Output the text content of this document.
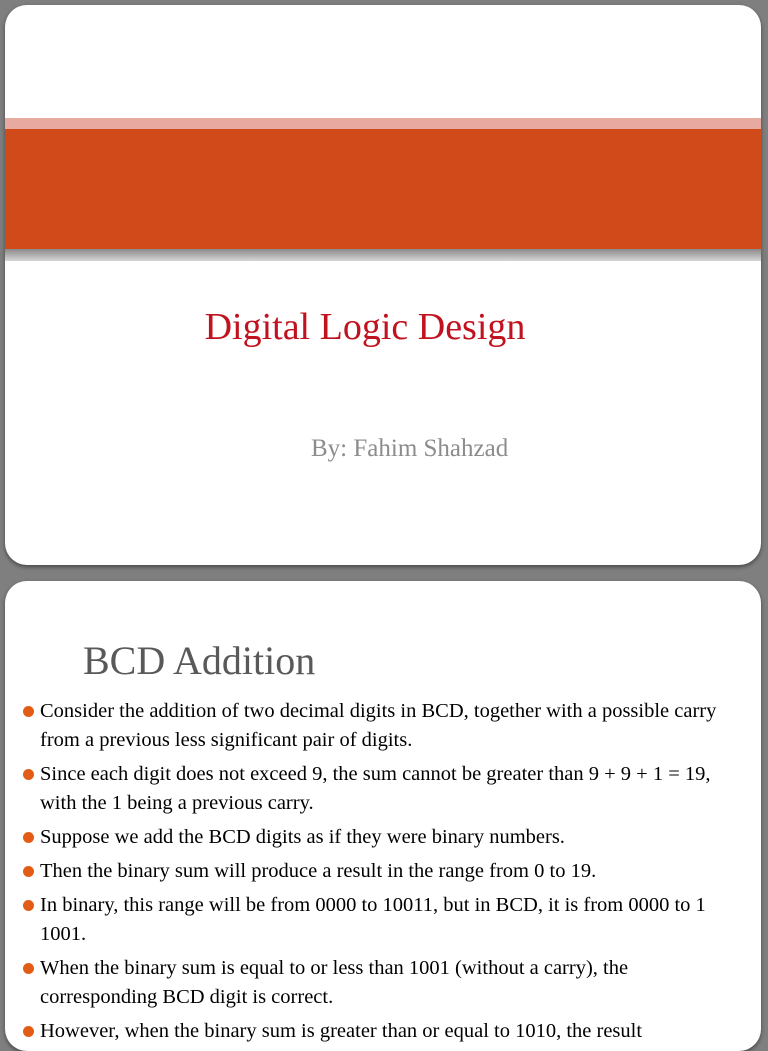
Digital Logic Design

By: Fahim Shahzad

BCD Addition
Consider the addition of two decimal digits in BCD, together with a possible carry from a previous less significant pair of digits.
Since each digit does not exceed 9, the sum cannot be greater than 9 + 9 + 1 = 19, with the 1 being a previous carry.
Suppose we add the BCD digits as if they were binary numbers.
Then the binary sum will produce a result in the range from 0 to 19.
In binary, this range will be from 0000 to 10011, but in BCD, it is from 0000 to 1 1001.
When the binary sum is equal to or less than 1001 (without a carry), the corresponding BCD digit is correct.
However, when the binary sum is greater than or equal to 1010, the result
